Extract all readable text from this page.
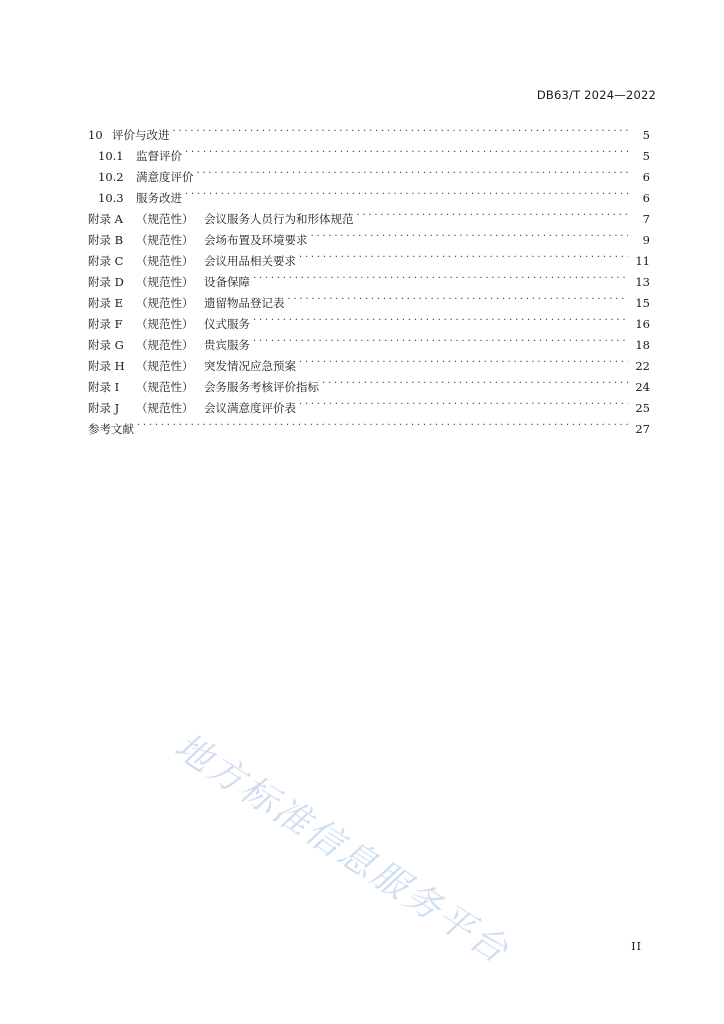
DB63/T 2024—2022
10 评价与改进 . . .	5
10.1	监督评价 . . .	5
10.2	满意度评价 . . .	6
10.3	服务改进 . . .	6
附录 A	（规范性） 会议服务人员行为和形体规范 . . .	7
附录 B	（规范性） 会场布置及环境要求 . . .	9
附录 C	（规范性） 会议用品相关要求 . . .	11
附录 D	（规范性） 设备保障 . . .	13
附录 E	（规范性） 遗留物品登记表 . . .	15
附录 F	（规范性） 仪式服务 . . .	16
附录 G	（规范性） 贵宾服务 . . .	18
附录 H （规范性） 突发情况应急预案 . . .	22
附录 I	（规范性） 会务服务考核评价指标 . . .	24
附录 J	（规范性） 会议满意度评价表 . . .	25
参考文献 . . .	27
地方标准信息服务平台	II
